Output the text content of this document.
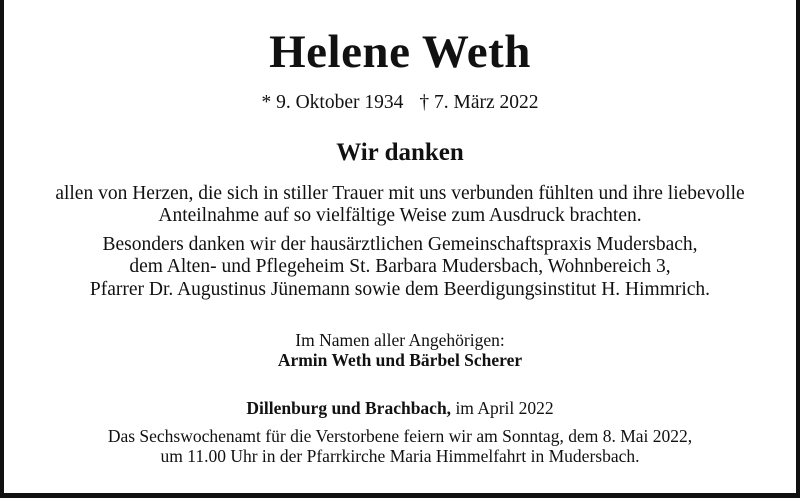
Helene Weth
* 9. Oktober 1934 † 7. März 2022
Wir danken
allen von Herzen, die sich in stiller Trauer mit uns verbunden fühlten und ihre liebevolle
Anteilnahme auf so vielfältige Weise zum Ausdruck brachten.
Besonders danken wir der hausärztlichen Gemeinschaftspraxis Mudersbach,
dem Alten- und Pflegeheim St. Barbara Mudersbach, Wohnbereich 3,
Pfarrer Dr. Augustinus Jünemann sowie dem Beerdigungsinstitut H. Himmrich.
Im Namen aller Angehörigen:
Armin Weth und Bärbel Scherer
Dillenburg und Brachbach, im April 2022
Das Sechswochenamt für die Verstorbene feiern wir am Sonntag, dem 8. Mai 2022,
um 11.00 Uhr in der Pfarrkirche Maria Himmelfahrt in Mudersbach.
